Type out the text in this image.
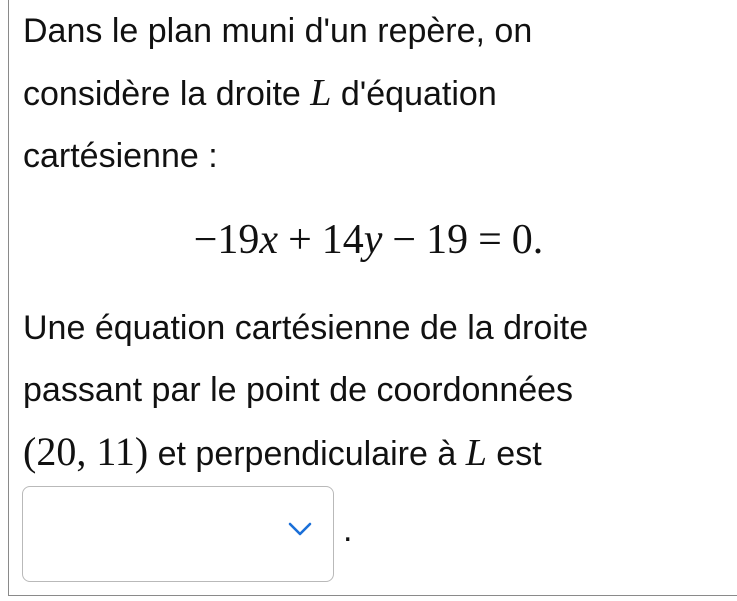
Dans le plan muni d'un repère, on
considère la droite L d'équation
cartésienne :
−19x + 14y − 19 = 0.
Une équation cartésienne de la droite
passant par le point de coordonnées
(20, 11) et perpendiculaire à L est
.
